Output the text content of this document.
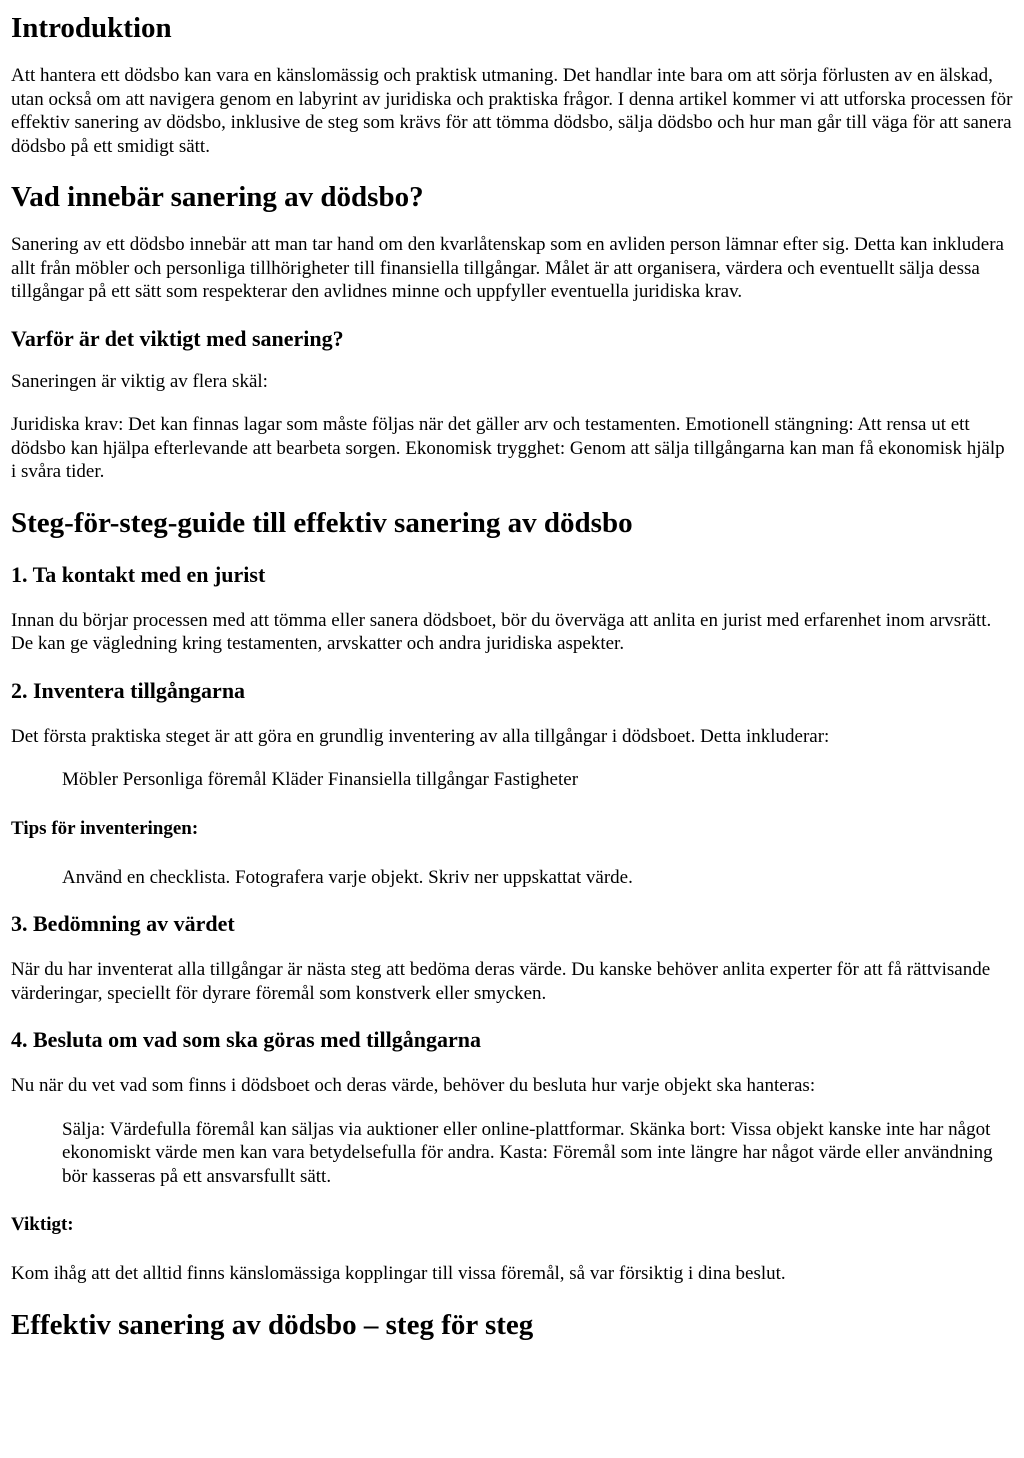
Introduktion

Att hantera ett dödsbo kan vara en känslomässig och praktisk utmaning. Det handlar inte bara om att sörja förlusten av en älskad, utan också om att navigera genom en labyrint av juridiska och praktiska frågor. I denna artikel kommer vi att utforska processen för effektiv sanering av dödsbo, inklusive de steg som krävs för att tömma dödsbo, sälja dödsbo och hur man går till väga för att sanera dödsbo på ett smidigt sätt.

Vad innebär sanering av dödsbo?

Sanering av ett dödsbo innebär att man tar hand om den kvarlåtenskap som en avliden person lämnar efter sig. Detta kan inkludera allt från möbler och personliga tillhörigheter till finansiella tillgångar. Målet är att organisera, värdera och eventuellt sälja dessa tillgångar på ett sätt som respekterar den avlidnes minne och uppfyller eventuella juridiska krav.

Varför är det viktigt med sanering?

Saneringen är viktig av flera skäl:

Juridiska krav: Det kan finnas lagar som måste följas när det gäller arv och testamenten. Emotionell stängning: Att rensa ut ett dödsbo kan hjälpa efterlevande att bearbeta sorgen. Ekonomisk trygghet: Genom att sälja tillgångarna kan man få ekonomisk hjälp i svåra tider.

Steg-för-steg-guide till effektiv sanering av dödsbo
1. Ta kontakt med en jurist

Innan du börjar processen med att tömma eller sanera dödsboet, bör du överväga att anlita en jurist med erfarenhet inom arvsrätt. De kan ge vägledning kring testamenten, arvskatter och andra juridiska aspekter.

2. Inventera tillgångarna

Det första praktiska steget är att göra en grundlig inventering av alla tillgångar i dödsboet. Detta inkluderar:

Möbler Personliga föremål Kläder Finansiella tillgångar Fastigheter

Tips för inventeringen:

Använd en checklista. Fotografera varje objekt. Skriv ner uppskattat värde.

3. Bedömning av värdet

När du har inventerat alla tillgångar är nästa steg att bedöma deras värde. Du kanske behöver anlita experter för att få rättvisande värderingar, speciellt för dyrare föremål som konstverk eller smycken.

4. Besluta om vad som ska göras med tillgångarna

Nu när du vet vad som finns i dödsboet och deras värde, behöver du besluta hur varje objekt ska hanteras:

Sälja: Värdefulla föremål kan säljas via auktioner eller online-plattformar. Skänka bort: Vissa objekt kanske inte har något ekonomiskt värde men kan vara betydelsefulla för andra. Kasta: Föremål som inte längre har något värde eller användning bör kasseras på ett ansvarsfullt sätt.

Viktigt:

Kom ihåg att det alltid finns känslomässiga kopplingar till vissa föremål, så var försiktig i dina beslut.

Effektiv sanering av dödsbo – steg för steg
